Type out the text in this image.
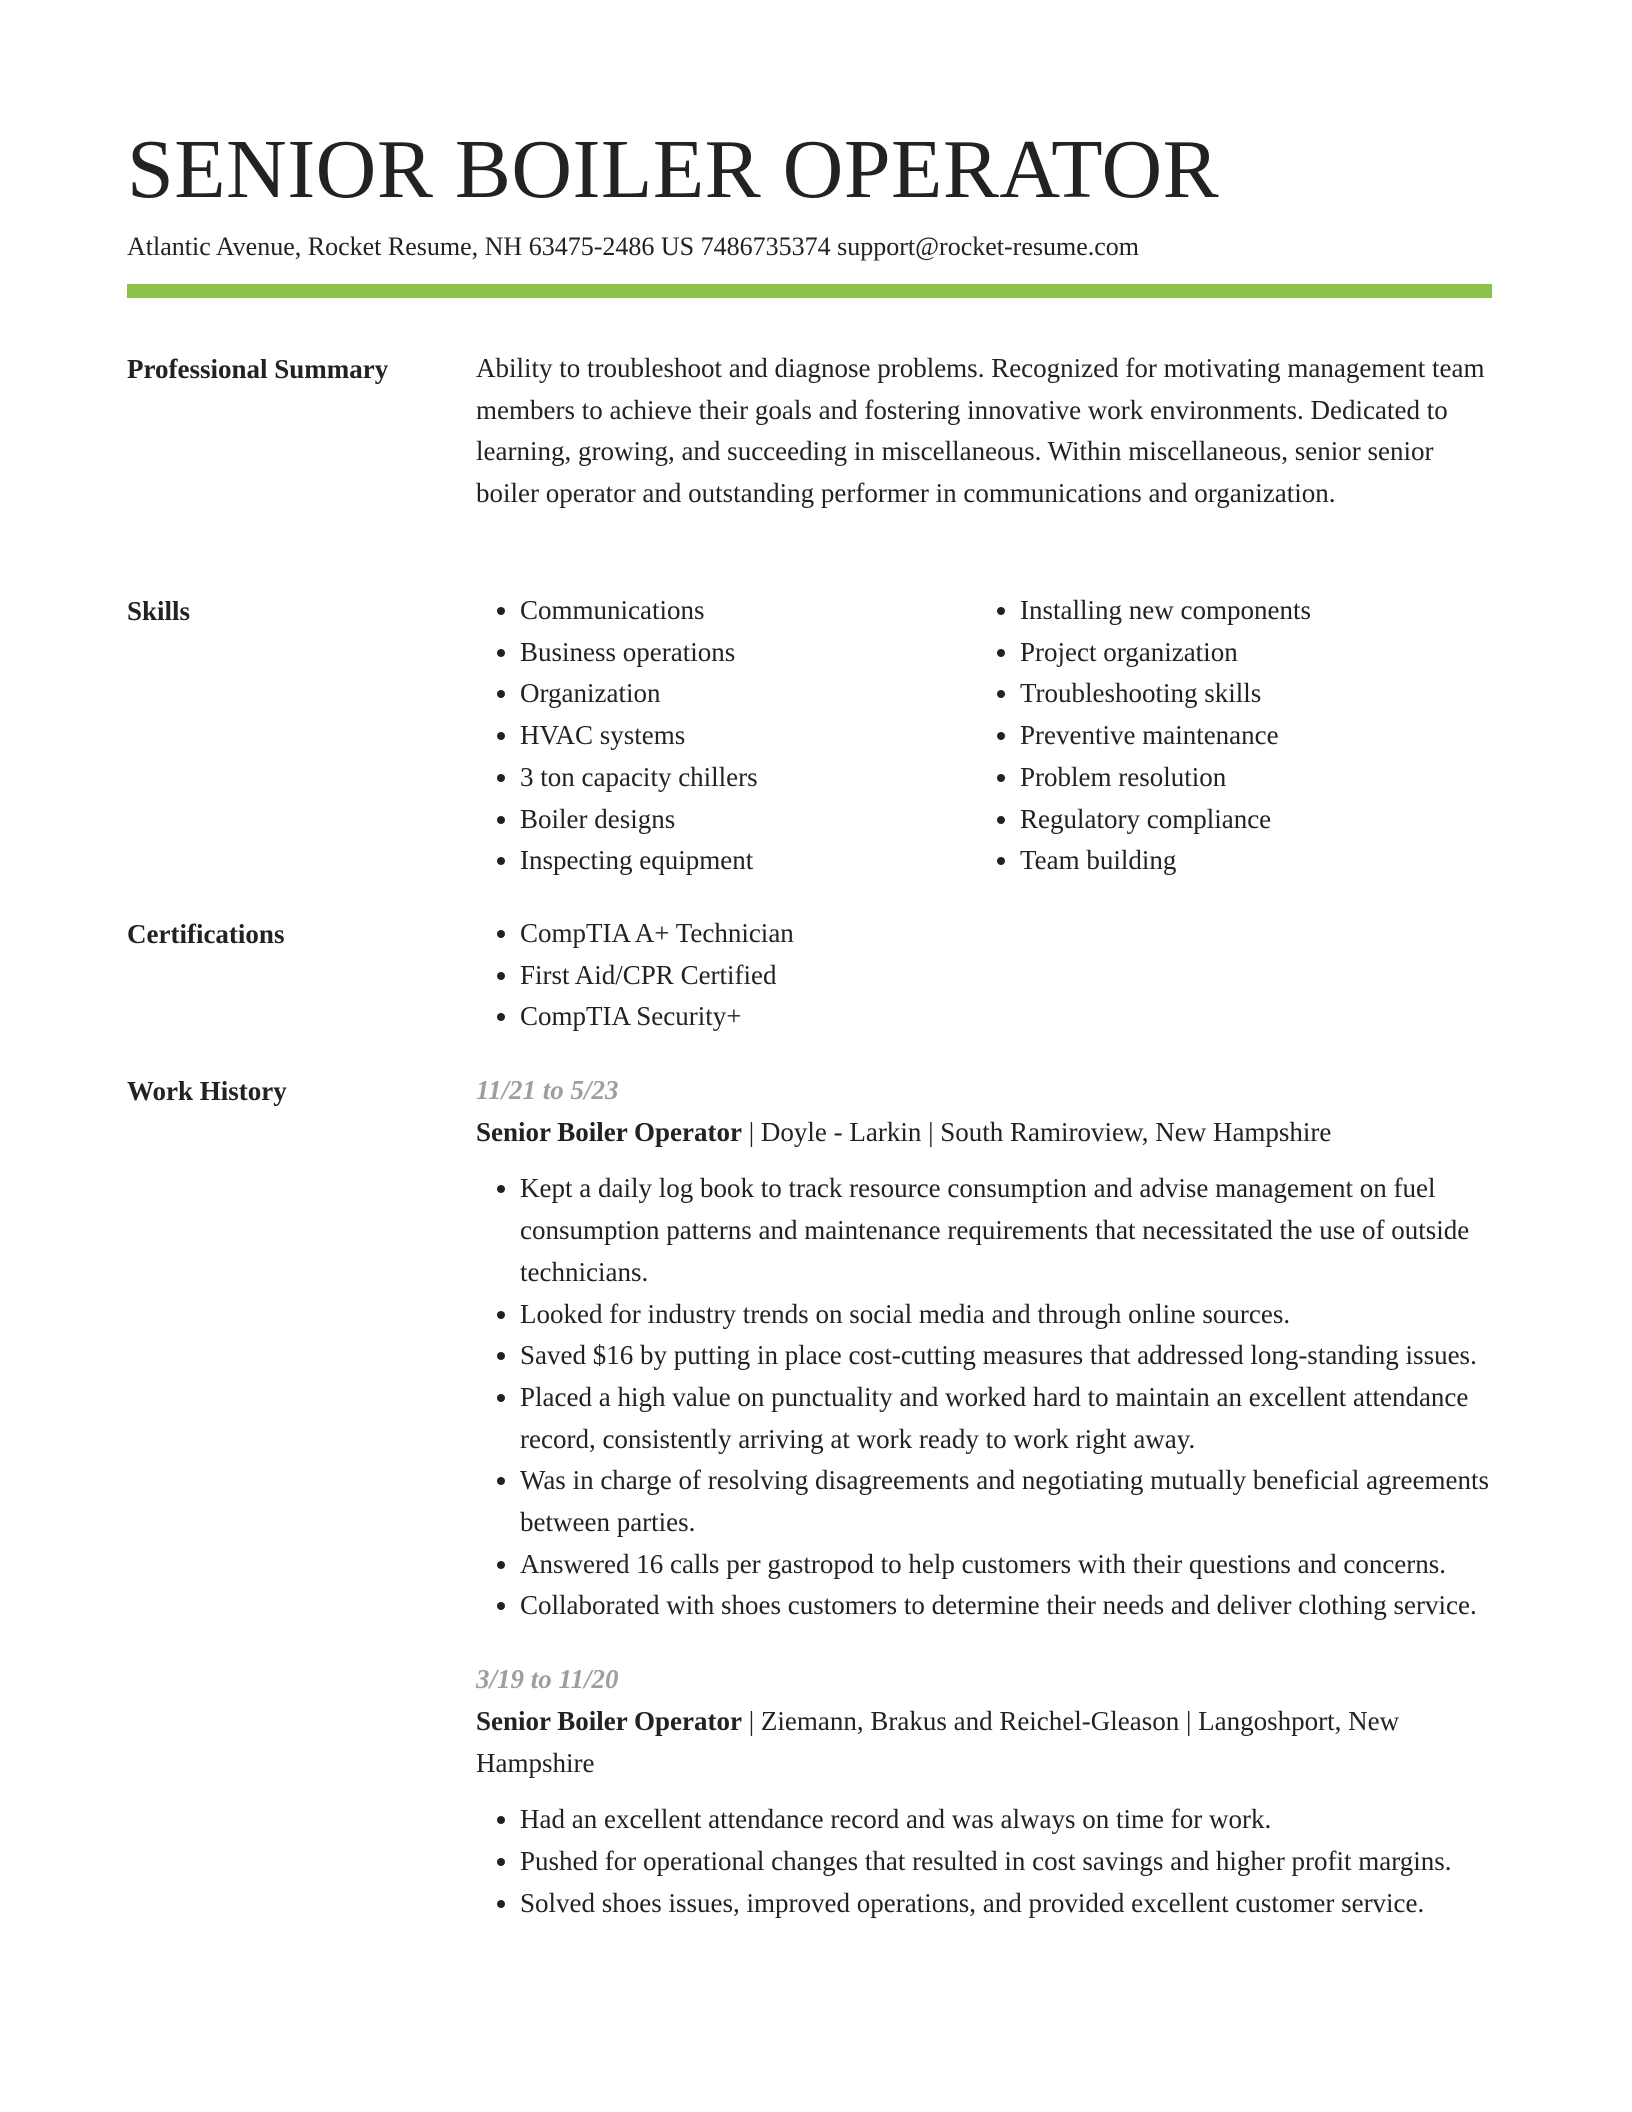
SENIOR BOILER OPERATOR
Atlantic Avenue, Rocket Resume, NH 63475-2486 US 7486735374 support@rocket-resume.com
Professional Summary	Ability to troubleshoot and diagnose problems. Recognized for motivating management team members to achieve their goals and fostering innovative work environments. Dedicated to learning, growing, and succeeding in miscellaneous. Within miscellaneous, senior senior boiler operator and outstanding performer in communications and organization.

Skills	• Communications
• Business operations
• Organization
• HVAC systems
• 3 ton capacity chillers
• Boiler designs
• Inspecting equipment
• Installing new components
• Project organization
• Troubleshooting skills
• Preventive maintenance
• Problem resolution
• Regulatory compliance
• Team building
Certifications	• CompTIA A+ Technician
• First Aid/CPR Certified
• CompTIA Security+
Work History	11/21 to 5/23
Senior Boiler Operator | Doyle - Larkin | South Ramiroview, New Hampshire
• Kept a daily log book to track resource consumption and advise management on fuel consumption patterns and maintenance requirements that necessitated the use of outside technicians.
• Looked for industry trends on social media and through online sources.
• Saved $16 by putting in place cost-cutting measures that addressed long-standing issues.
• Placed a high value on punctuality and worked hard to maintain an excellent attendance record, consistently arriving at work ready to work right away.
• Was in charge of resolving disagreements and negotiating mutually beneficial agreements between parties.
• Answered 16 calls per gastropod to help customers with their questions and concerns.
• Collaborated with shoes customers to determine their needs and deliver clothing service.
3/19 to 11/20
Senior Boiler Operator | Ziemann, Brakus and Reichel-Gleason | Langoshport, New Hampshire
• Had an excellent attendance record and was always on time for work.
• Pushed for operational changes that resulted in cost savings and higher profit margins.
• Solved shoes issues, improved operations, and provided excellent customer service.
